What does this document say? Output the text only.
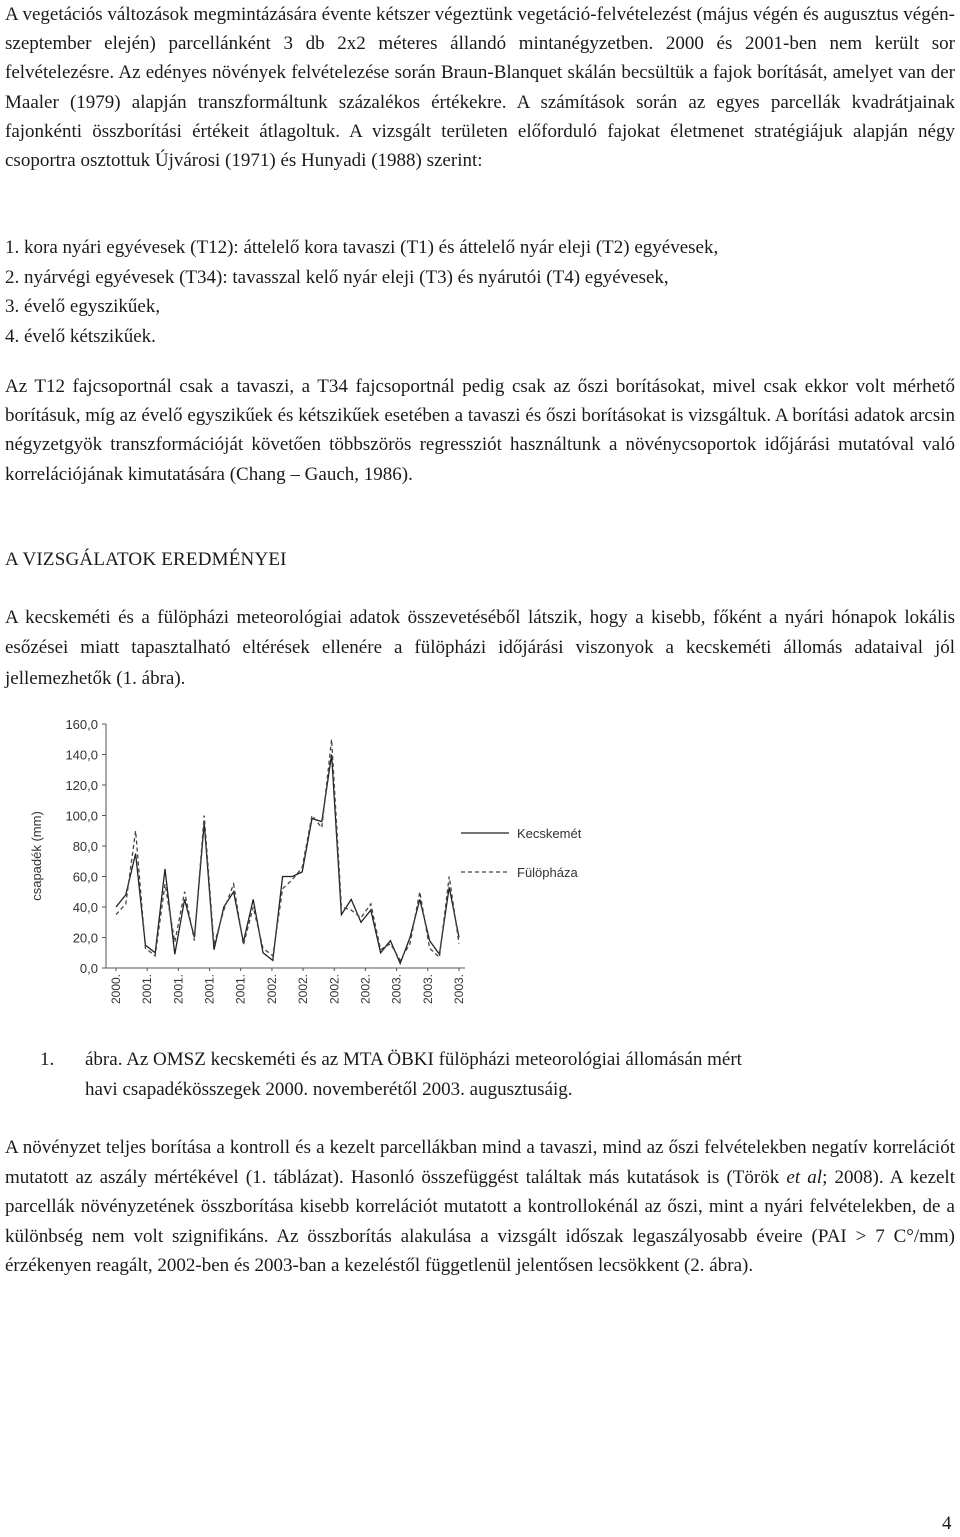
A vegetációs változások megmintázására évente kétszer végeztünk vegetáció-felvételezést (május végén és augusztus végén-szeptember elején) parcellánként 3 db 2x2 méteres állandó mintanégyzetben. 2000 és 2001-ben nem került sor felvételezésre. Az edényes növények felvételezése során Braun-Blanquet skálán becsültük a fajok borítását, amelyet van der Maaler (1979) alapján transzformáltunk százalékos értékekre. A számítások során az egyes parcellák kvadrátjainak fajonkénti összborítási értékeit átlagoltuk. A vizsgált területen előforduló fajokat életmenet stratégiájuk alapján négy csoportra osztottuk Újvárosi (1971) és Hunyadi (1988) szerint:

1. kora nyári egyévesek (T12): áttelelő kora tavaszi (T1) és áttelelő nyár eleji (T2) egyévesek,
2. nyárvégi egyévesek (T34): tavasszal kelő nyár eleji (T3) és nyárutói (T4) egyévesek,
3. évelő egyszikűek,
4. évelő kétszikűek.

Az T12 fajcsoportnál csak a tavaszi, a T34 fajcsoportnál pedig csak az őszi borításokat, mivel csak ekkor volt mérhető borításuk, míg az évelő egyszikűek és kétszikűek esetében a tavaszi és őszi borításokat is vizsgáltuk. A borítási adatok arcsin négyzetgyök transzformációját követően többszörös regressziót használtunk a növénycsoportok időjárási mutatóval való korrelációjának kimutatására (Chang – Gauch, 1986).

A VIZSGÁLATOK EREDMÉNYEI

A kecskeméti és a fülöpházi meteorológiai adatok összevetéséből látszik, hogy a kisebb, főként a nyári hónapok lokális esőzései miatt tapasztalható eltérések ellenére a fülöpházi időjárási viszonyok a kecskeméti állomás adataival jól jellemezhetők (1. ábra).

0,0
20,0
40,0
60,0
80,0
100,0
120,0
140,0
160,0
csapadék (mm)
2000. 2001. 2001. 2001. 2001. 2002. 2002. 2002. 2002. 2003. 2003. 2003.
Kecskemét
Fülöpháza
1. ábra. Az OMSZ kecskeméti és az MTA ÖBKI fülöpházi meteorológiai állomásán mért
havi csapadékösszegek 2000. novemberétől 2003. augusztusáig.

A növényzet teljes borítása a kontroll és a kezelt parcellákban mind a tavaszi, mind az őszi felvételekben negatív korrelációt mutatott az aszály mértékével (1. táblázat). Hasonló összefüggést találtak más kutatások is (Török et al; 2008). A kezelt parcellák növényzetének összborítása kisebb korrelációt mutatott a kontrollokénál az őszi, mint a nyári felvételekben, de a különbség nem volt szignifikáns. Az összborítás alakulása a vizsgált időszak legaszályosabb éveire (PAI > 7 C°/mm) érzékenyen reagált, 2002-ben és 2003-ban a kezeléstől függetlenül jelentősen lecsökkent (2. ábra).

4
